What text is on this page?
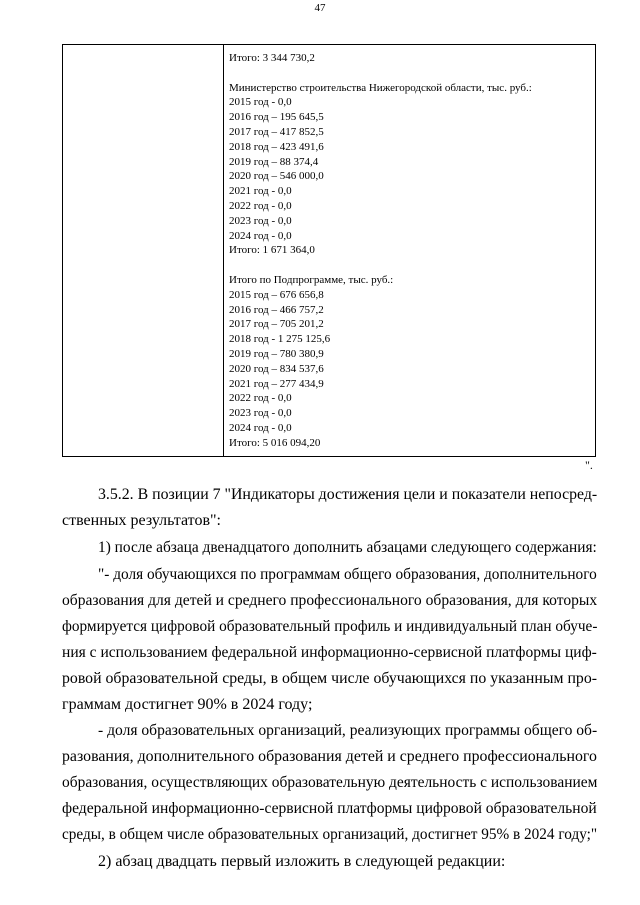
47
Итого: 3 344 730,2
Министерство строительства Нижегородской области, тыс. руб.:
2015 год - 0,0
2016 год – 195 645,5
2017 год – 417 852,5
2018 год – 423 491,6
2019 год – 88 374,4
2020 год – 546 000,0
2021 год - 0,0
2022 год - 0,0
2023 год - 0,0
2024 год - 0,0
Итого: 1 671 364,0
Итого по Подпрограмме, тыс. руб.:
2015 год – 676 656,8
2016 год – 466 757,2
2017 год – 705 201,2
2018 год - 1 275 125,6
2019 год – 780 380,9
2020 год – 834 537,6
2021 год – 277 434,9
2022 год - 0,0
2023 год - 0,0
2024 год - 0,0
Итого: 5 016 094,20
".
3.5.2. В позиции 7 "Индикаторы достижения цели и показатели непосред-
ственных результатов":
1) после абзаца двенадцатого дополнить абзацами следующего содержания:
"- доля обучающихся по программам общего образования, дополнительного
образования для детей и среднего профессионального образования, для которых
формируется цифровой образовательный профиль и индивидуальный план обуче-
ния с использованием федеральной информационно-сервисной платформы циф-
ровой образовательной среды, в общем числе обучающихся по указанным про-
граммам достигнет 90% в 2024 году;
- доля образовательных организаций, реализующих программы общего об-
разования, дополнительного образования детей и среднего профессионального
образования, осуществляющих образовательную деятельность с использованием
федеральной информационно-сервисной платформы цифровой образовательной
среды, в общем числе образовательных организаций, достигнет 95% в 2024 году;"
2) абзац двадцать первый изложить в следующей редакции:
